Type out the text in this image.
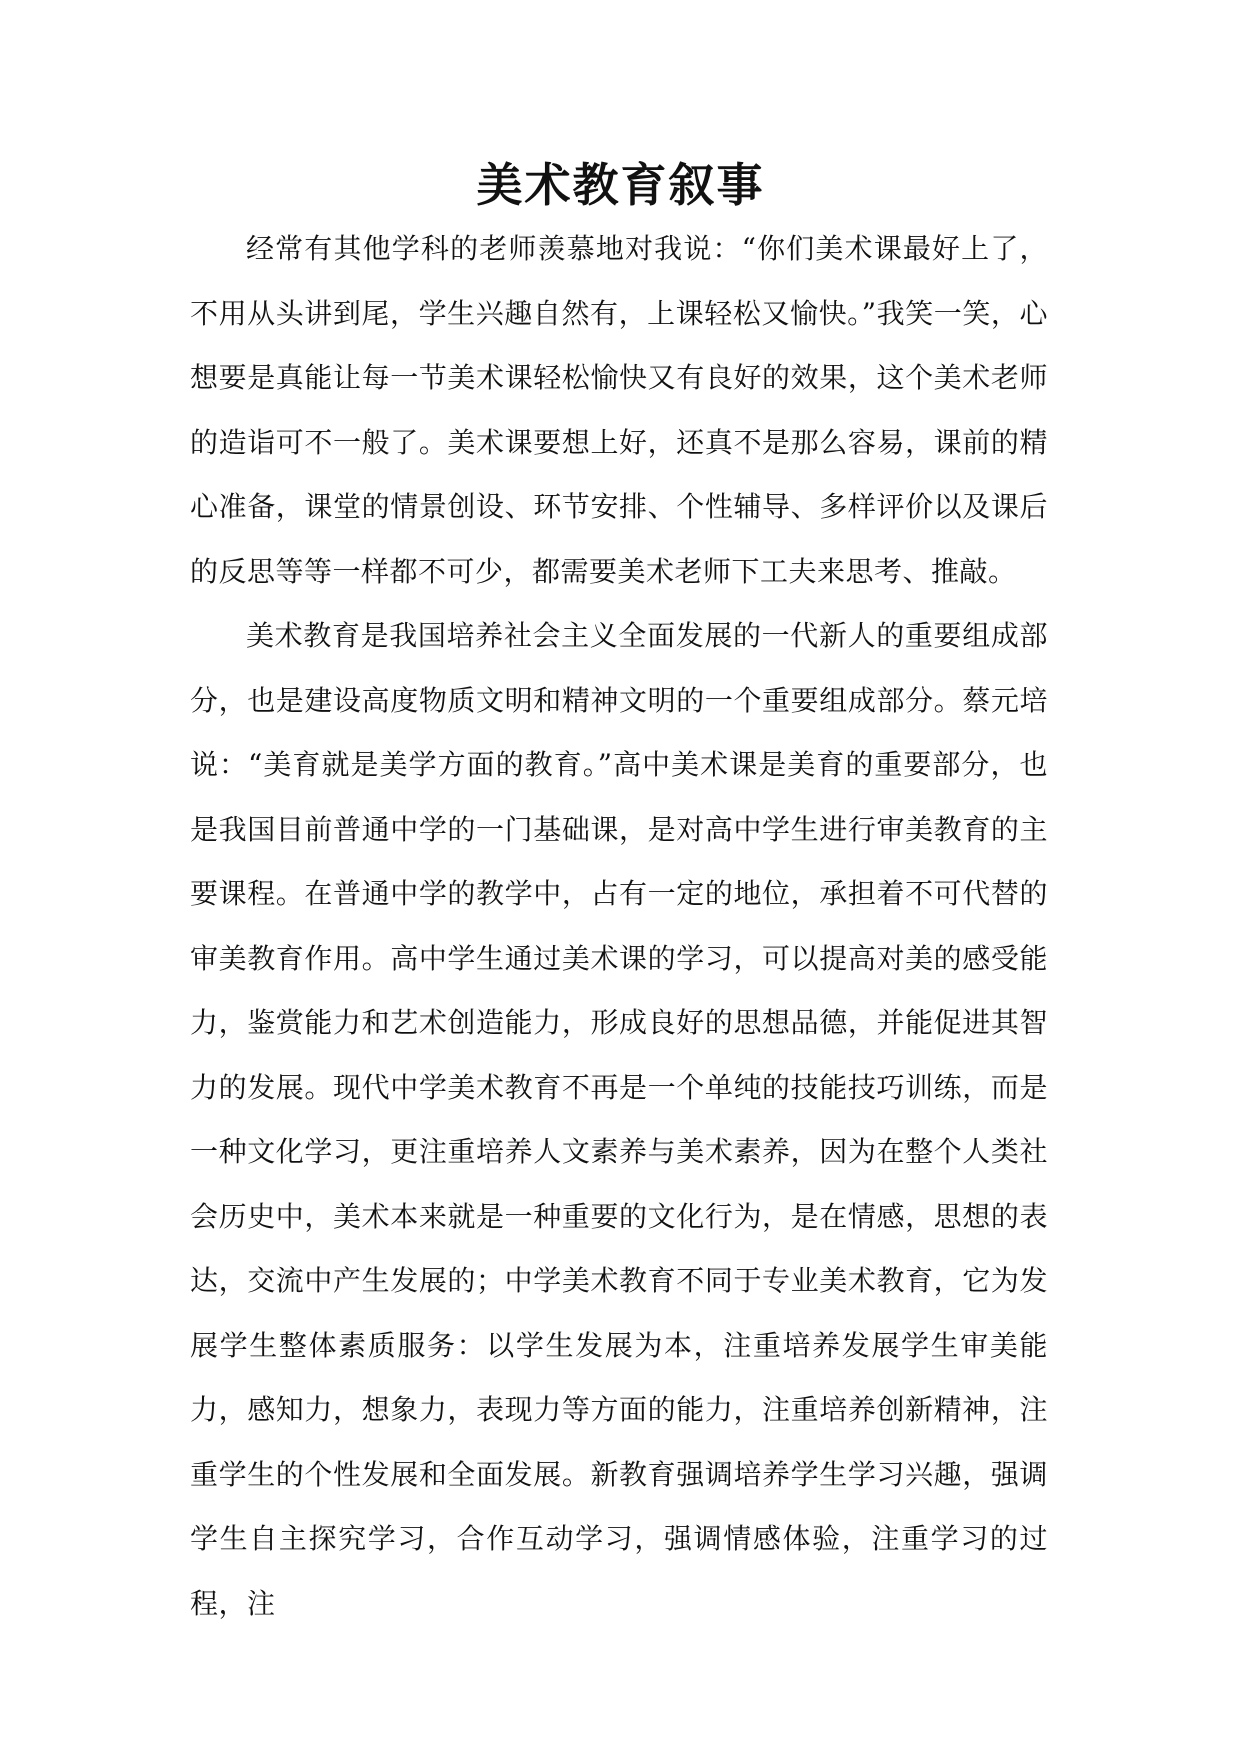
美术教育叙事

经常有其他学科的老师羡慕地对我说：“你们美术课最好上了，不用从头讲到尾，学生兴趣自然有，上课轻松又愉快。”我笑一笑，心想要是真能让每一节美术课轻松愉快又有良好的效果，这个美术老师的造诣可不一般了。美术课要想上好，还真不是那么容易，课前的精心准备，课堂的情景创设、环节安排、个性辅导、多样评价以及课后的反思等等一样都不可少，都需要美术老师下工夫来思考、推敲。

美术教育是我国培养社会主义全面发展的一代新人的重要组成部分，也是建设高度物质文明和精神文明的一个重要组成部分。蔡元培说：“美育就是美学方面的教育。”高中美术课是美育的重要部分，也是我国目前普通中学的一门基础课，是对高中学生进行审美教育的主要课程。在普通中学的教学中，占有一定的地位，承担着不可代替的审美教育作用。高中学生通过美术课的学习，可以提高对美的感受能力，鉴赏能力和艺术创造能力，形成良好的思想品德，并能促进其智力的发展。现代中学美术教育不再是一个单纯的技能技巧训练，而是一种文化学习，更注重培养人文素养与美术素养，因为在整个人类社会历史中，美术本来就是一种重要的文化行为，是在情感，思想的表达，交流中产生发展的；中学美术教育不同于专业美术教育，它为发展学生整体素质服务：以学生发展为本，注重培养发展学生审美能力，感知力，想象力，表现力等方面的能力，注重培养创新精神，注重学生的个性发展和全面发展。新教育强调培养学生学习兴趣，强调学生自主探究学习，合作互动学习，强调情感体验，注重学习的过程，注
